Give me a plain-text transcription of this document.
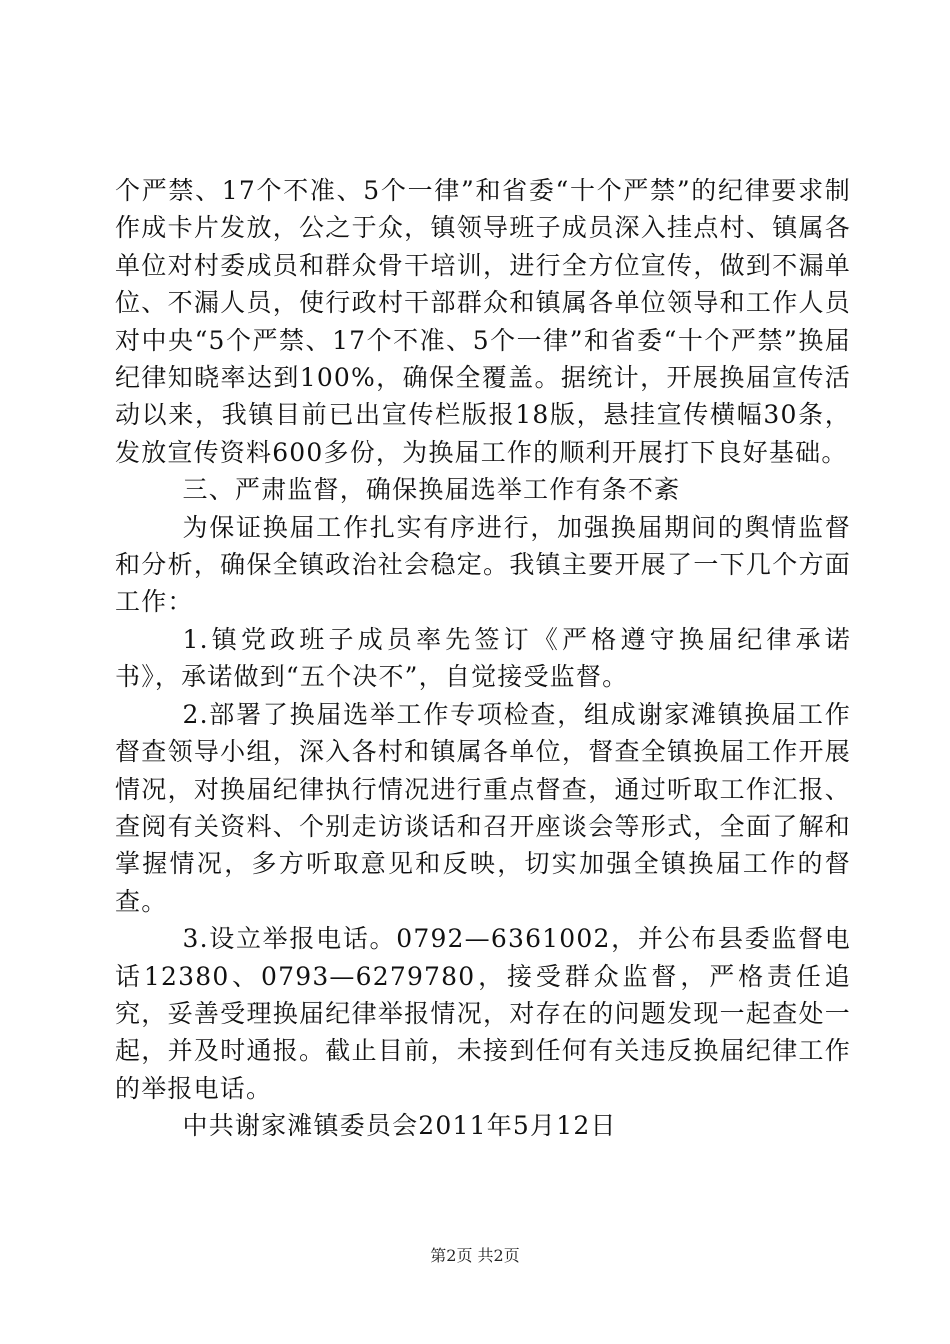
个严禁、17个不准、5个一律”和省委“十个严禁”的纪律要求制作成卡片发放，公之于众，镇领导班子成员深入挂点村、镇属各单位对村委成员和群众骨干培训，进行全方位宣传，做到不漏单位、不漏人员，使行政村干部群众和镇属各单位领导和工作人员对中央“5个严禁、17个不准、5个一律”和省委“十个严禁”换届纪律知晓率达到100%，确保全覆盖。据统计，开展换届宣传活动以来，我镇目前已出宣传栏版报18版，悬挂宣传横幅30条，发放宣传资料600多份，为换届工作的顺利开展打下良好基础。

三、严肃监督，确保换届选举工作有条不紊

为保证换届工作扎实有序进行，加强换届期间的舆情监督和分析，确保全镇政治社会稳定。我镇主要开展了一下几个方面工作：

1.镇党政班子成员率先签订《严格遵守换届纪律承诺书》，承诺做到“五个决不”，自觉接受监督。

2.部署了换届选举工作专项检查，组成谢家滩镇换届工作督查领导小组，深入各村和镇属各单位，督查全镇换届工作开展情况，对换届纪律执行情况进行重点督查，通过听取工作汇报、查阅有关资料、个别走访谈话和召开座谈会等形式，全面了解和掌握情况，多方听取意见和反映，切实加强全镇换届工作的督查。

3.设立举报电话。0792—6361002，并公布县委监督电话12380、0793—6279780，接受群众监督，严格责任追究，妥善受理换届纪律举报情况，对存在的问题发现一起查处一起，并及时通报。截止目前，未接到任何有关违反换届纪律工作的举报电话。

中共谢家滩镇委员会2011年5月12日

第2页 共2页
